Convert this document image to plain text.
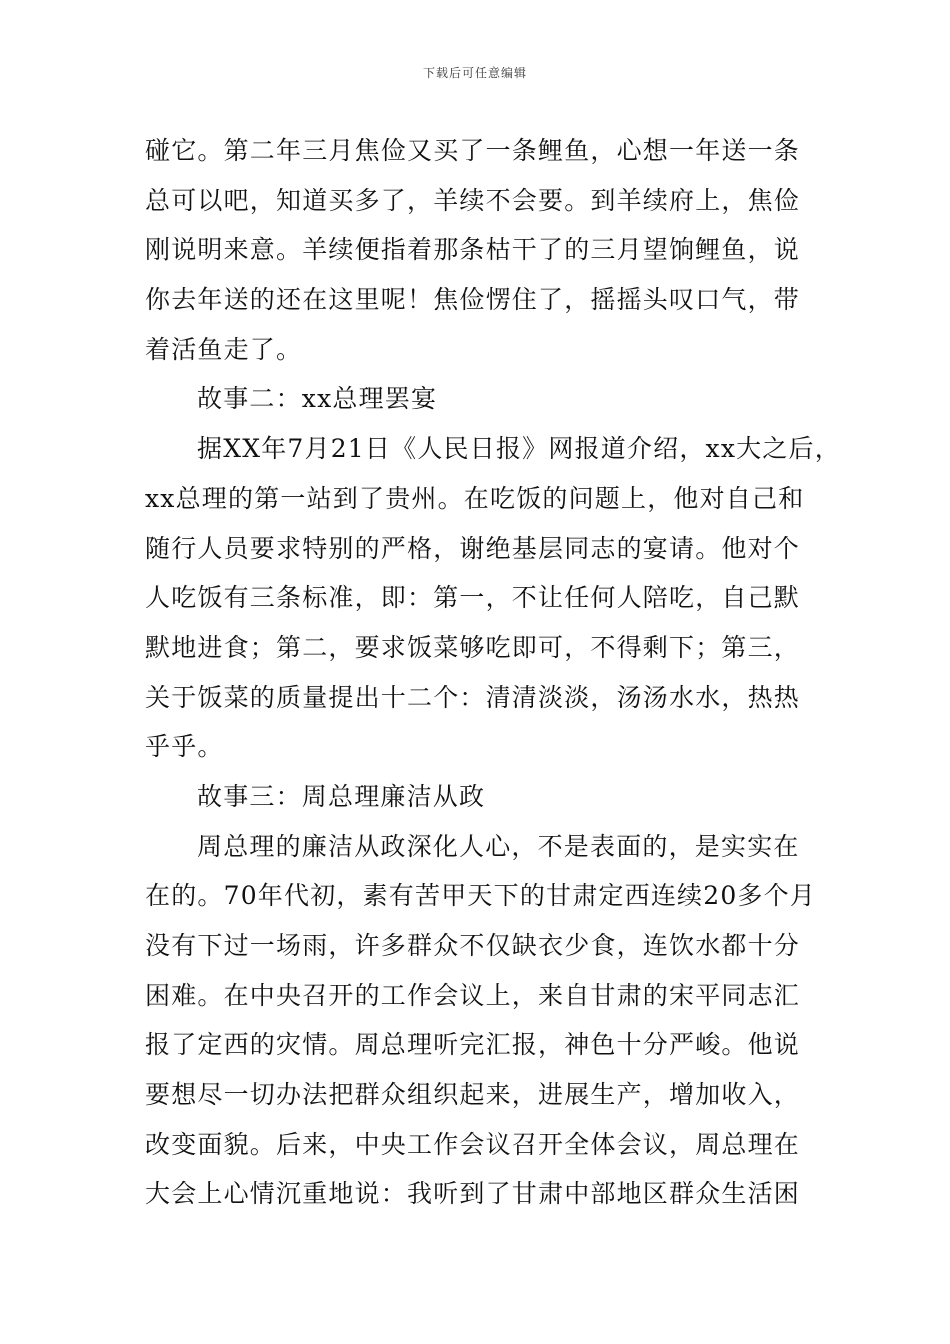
下载后可任意编辑
碰它。第二年三月焦俭又买了一条鲤鱼，心想一年送一条
总可以吧，知道买多了，羊续不会要。到羊续府上，焦俭
刚说明来意。羊续便指着那条枯干了的三月望饷鲤鱼，说
你去年送的还在这里呢！焦俭愣住了，摇摇头叹口气，带
着活鱼走了。
故事二：xx总理罢宴
据XX年7月21日《人民日报》网报道介绍，xx大之后，
xx总理的第一站到了贵州。在吃饭的问题上，他对自己和
随行人员要求特别的严格，谢绝基层同志的宴请。他对个
人吃饭有三条标准，即：第一，不让任何人陪吃，自己默
默地进食；第二，要求饭菜够吃即可，不得剩下；第三，
关于饭菜的质量提出十二个：清清淡淡，汤汤水水，热热
乎乎。
故事三：周总理廉洁从政
周总理的廉洁从政深化人心，不是表面的，是实实在
在的。70年代初，素有苦甲天下的甘肃定西连续20多个月
没有下过一场雨，许多群众不仅缺衣少食，连饮水都十分
困难。在中央召开的工作会议上，来自甘肃的宋平同志汇
报了定西的灾情。周总理听完汇报，神色十分严峻。他说
要想尽一切办法把群众组织起来，进展生产，增加收入，
改变面貌。后来，中央工作会议召开全体会议，周总理在
大会上心情沉重地说：我听到了甘肃中部地区群众生活困
